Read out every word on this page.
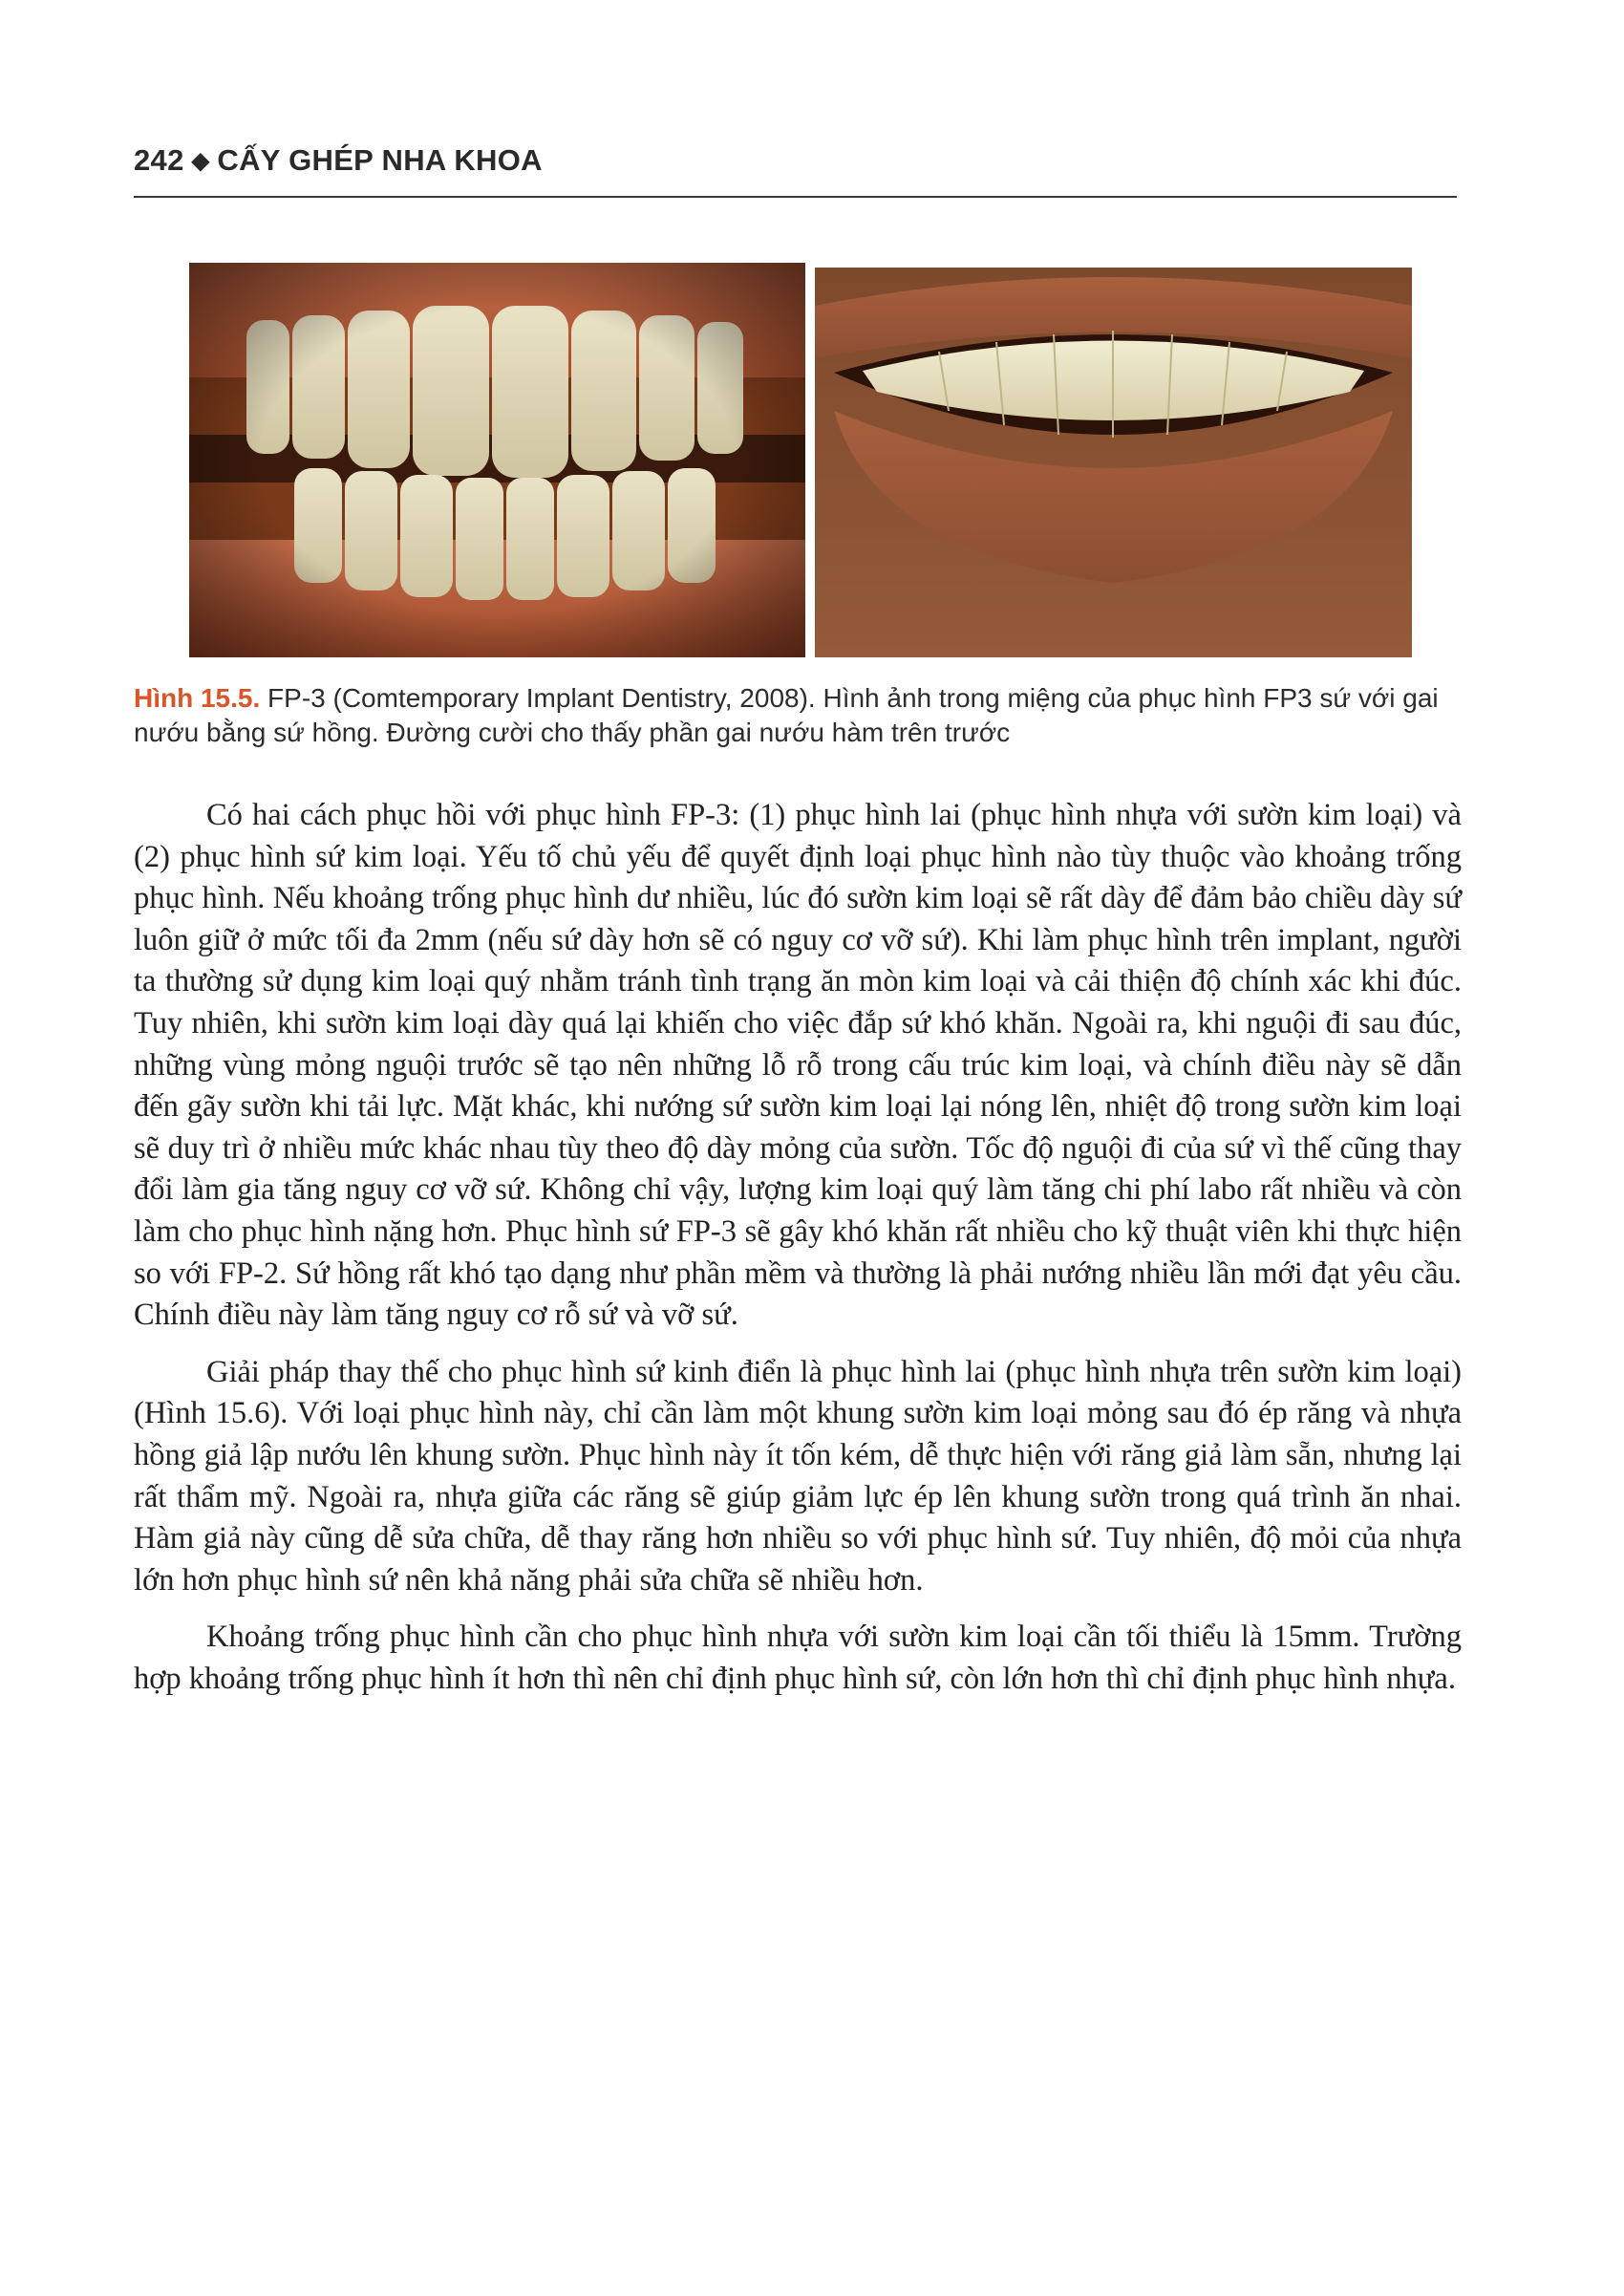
242 ◆ CẤY GHÉP NHA KHOA
Hình 15.5. FP-3 (Comtemporary Implant Dentistry, 2008). Hình ảnh trong miệng của phục hình FP3 sứ với gai nướu bằng sứ hồng. Đường cười cho thấy phần gai nướu hàm trên trước

Có hai cách phục hồi với phục hình FP-3: (1) phục hình lai (phục hình nhựa với sườn kim loại) và (2) phục hình sứ kim loại. Yếu tố chủ yếu để quyết định loại phục hình nào tùy thuộc vào khoảng trống phục hình. Nếu khoảng trống phục hình dư nhiều, lúc đó sườn kim loại sẽ rất dày để đảm bảo chiều dày sứ luôn giữ ở mức tối đa 2mm (nếu sứ dày hơn sẽ có nguy cơ vỡ sứ). Khi làm phục hình trên implant, người ta thường sử dụng kim loại quý nhằm tránh tình trạng ăn mòn kim loại và cải thiện độ chính xác khi đúc. Tuy nhiên, khi sườn kim loại dày quá lại khiến cho việc đắp sứ khó khăn. Ngoài ra, khi nguội đi sau đúc, những vùng mỏng nguội trước sẽ tạo nên những lỗ rỗ trong cấu trúc kim loại, và chính điều này sẽ dẫn đến gãy sườn khi tải lực. Mặt khác, khi nướng sứ sườn kim loại lại nóng lên, nhiệt độ trong sườn kim loại sẽ duy trì ở nhiều mức khác nhau tùy theo độ dày mỏng của sườn. Tốc độ nguội đi của sứ vì thế cũng thay đổi làm gia tăng nguy cơ vỡ sứ. Không chỉ vậy, lượng kim loại quý làm tăng chi phí labo rất nhiều và còn làm cho phục hình nặng hơn. Phục hình sứ FP-3 sẽ gây khó khăn rất nhiều cho kỹ thuật viên khi thực hiện so với FP-2. Sứ hồng rất khó tạo dạng như phần mềm và thường là phải nướng nhiều lần mới đạt yêu cầu. Chính điều này làm tăng nguy cơ rỗ sứ và vỡ sứ.

Giải pháp thay thế cho phục hình sứ kinh điển là phục hình lai (phục hình nhựa trên sườn kim loại) (Hình 15.6). Với loại phục hình này, chỉ cần làm một khung sườn kim loại mỏng sau đó ép răng và nhựa hồng giả lập nướu lên khung sườn. Phục hình này ít tốn kém, dễ thực hiện với răng giả làm sẵn, nhưng lại rất thẩm mỹ. Ngoài ra, nhựa giữa các răng sẽ giúp giảm lực ép lên khung sườn trong quá trình ăn nhai. Hàm giả này cũng dễ sửa chữa, dễ thay răng hơn nhiều so với phục hình sứ. Tuy nhiên, độ mỏi của nhựa lớn hơn phục hình sứ nên khả năng phải sửa chữa sẽ nhiều hơn.

Khoảng trống phục hình cần cho phục hình nhựa với sườn kim loại cần tối thiểu là 15mm. Trường hợp khoảng trống phục hình ít hơn thì nên chỉ định phục hình sứ, còn lớn hơn thì chỉ định phục hình nhựa.
